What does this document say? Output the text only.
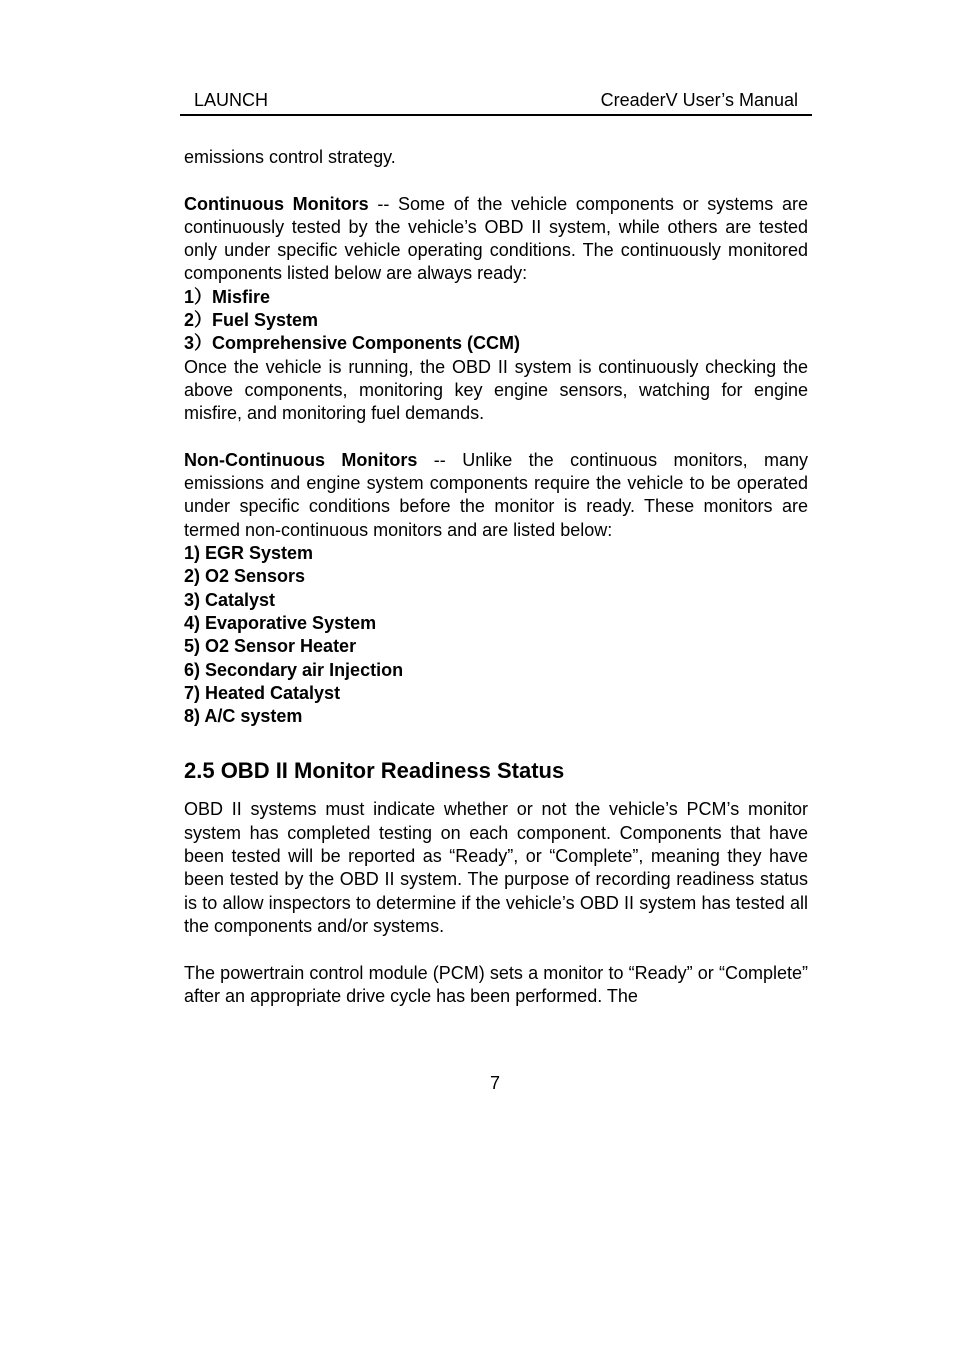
LAUNCH	CreaderV User’s Manual

emissions control strategy.

Continuous Monitors -- Some of the vehicle components or systems are continuously tested by the vehicle’s OBD II system, while others are tested only under specific vehicle operating conditions. The continuously monitored components listed below are always ready:

1）Misfire
2）Fuel System
3）Comprehensive Components (CCM)

Once the vehicle is running, the OBD II system is continuously checking the above components, monitoring key engine sensors, watching for engine misfire, and monitoring fuel demands.

Non-Continuous Monitors -- Unlike the continuous monitors, many emissions and engine system components require the vehicle to be operated under specific conditions before the monitor is ready. These monitors are termed non-continuous monitors and are listed below:

1) EGR System
2) O2 Sensors
3) Catalyst
4) Evaporative System
5) O2 Sensor Heater
6) Secondary air Injection
7) Heated Catalyst
8) A/C system
2.5 OBD II Monitor Readiness Status

OBD II systems must indicate whether or not the vehicle’s PCM’s monitor system has completed testing on each component. Components that have been tested will be reported as “Ready”, or “Complete”, meaning they have been tested by the OBD II system. The purpose of recording readiness status is to allow inspectors to determine if the vehicle’s OBD II system has tested all the components and/or systems.

The powertrain control module (PCM) sets a monitor to “Ready” or “Complete” after an appropriate drive cycle has been performed. The

7
